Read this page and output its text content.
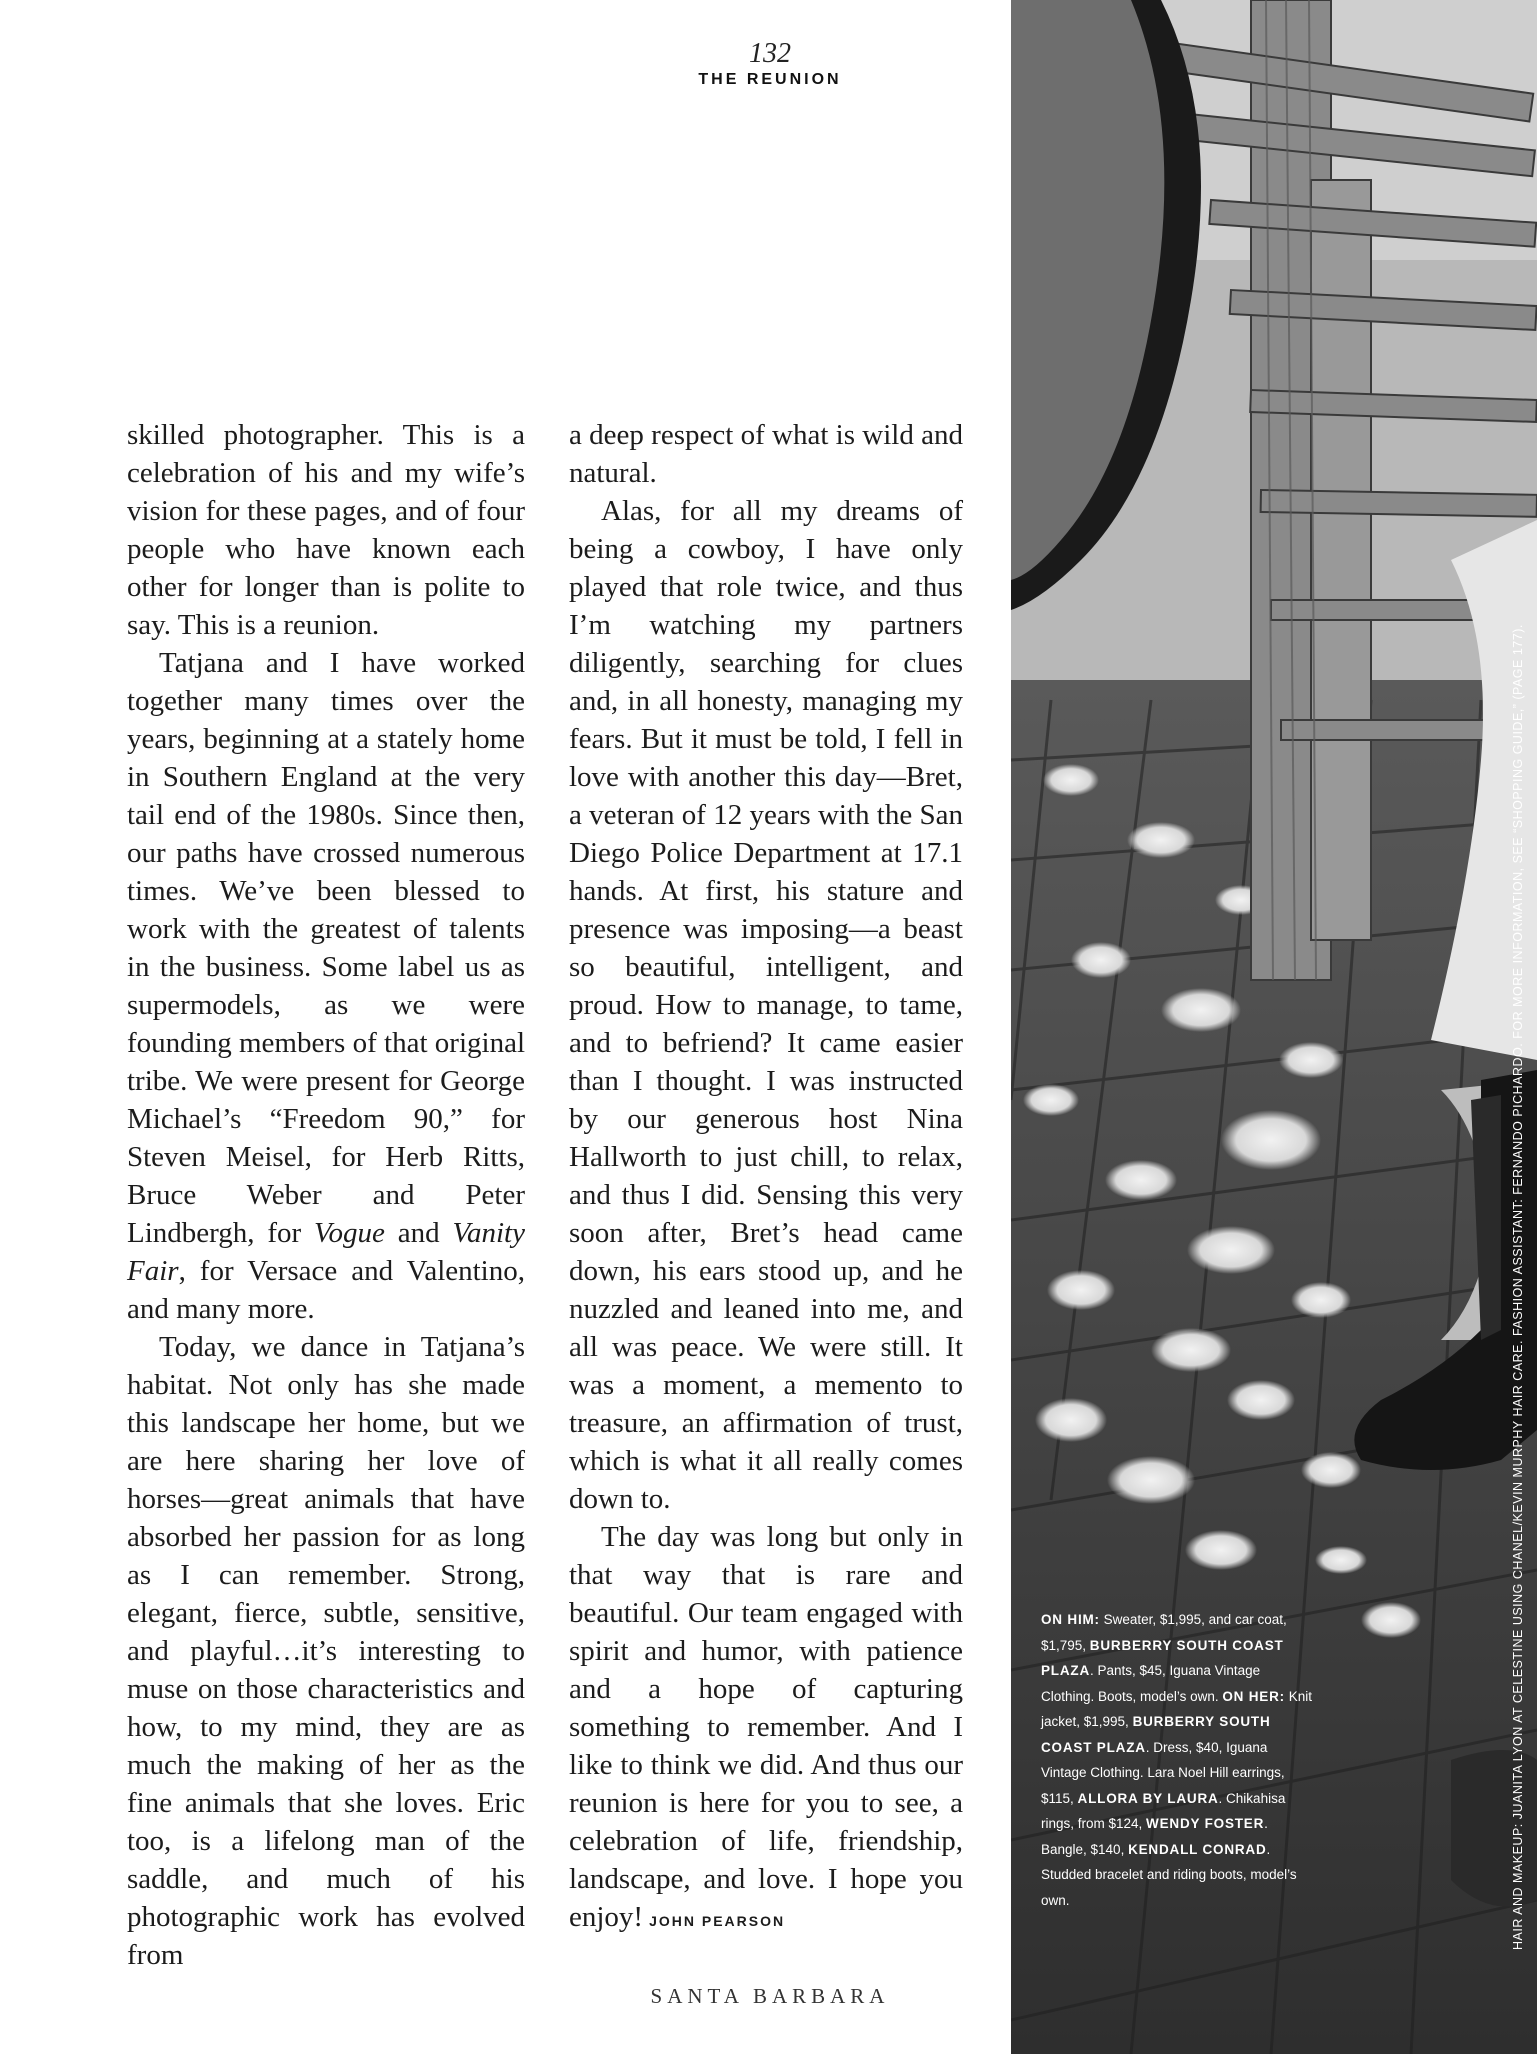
132
THE REUNION

skilled photographer. This is a celebration of his and my wife’s vision for these pages, and of four people who have known each other for longer than is polite to say. This is a reunion.

Tatjana and I have worked together many times over the years, beginning at a stately home in Southern England at the very tail end of the 1980s. Since then, our paths have crossed numerous times. We’ve been blessed to work with the greatest of talents in the business. Some label us as supermodels, as we were founding members of that original tribe. We were present for George Michael’s “Freedom 90,” for Steven Meisel, for Herb Ritts, Bruce Weber and Peter Lindbergh, for Vogue and Vanity Fair, for Versace and Valentino, and many more.

Today, we dance in Tatjana’s habitat. Not only has she made this landscape her home, but we are here sharing her love of horses—great animals that have absorbed her passion for as long as I can remember. Strong, elegant, fierce, subtle, sensitive, and playful…it’s interesting to muse on those characteristics and how, to my mind, they are as much the making of her as the fine animals that she loves. Eric too, is a lifelong man of the saddle, and much of his photographic work has evolved from

a deep respect of what is wild and natural.

Alas, for all my dreams of being a cowboy, I have only played that role twice, and thus I’m watching my partners diligently, searching for clues and, in all honesty, managing my fears. But it must be told, I fell in love with another this day—Bret, a veteran of 12 years with the San Diego Police Department at 17.1 hands. At first, his stature and presence was imposing—a beast so beautiful, intelligent, and proud. How to manage, to tame, and to befriend? It came easier than I thought. I was instructed by our generous host Nina Hallworth to just chill, to relax, and thus I did. Sensing this very soon after, Bret’s head came down, his ears stood up, and he nuzzled and leaned into me, and all was peace. We were still. It was a moment, a memento to treasure, an affirmation of trust, which is what it all really comes down to.

The day was long but only in that way that is rare and beautiful. Our team engaged with spirit and humor, with patience and a hope of capturing something to remember. And I like to think we did. And thus our reunion is here for you to see, a celebration of life, friendship, landscape, and love. I hope you enjoy! JOHN PEARSON

SANTA BARBARA
ON HIM: Sweater, $1,995, and car coat, $1,795, BURBERRY SOUTH COAST PLAZA. Pants, $45, Iguana Vintage Clothing. Boots, model’s own. ON HER: Knit jacket, $1,995, BURBERRY SOUTH COAST PLAZA. Dress, $40, Iguana Vintage Clothing. Lara Noel Hill earrings, $115, ALLORA BY LAURA. Chikahisa rings, from $124, WENDY FOSTER. Bangle, $140, KENDALL CONRAD. Studded bracelet and riding boots, model’s own.	HAIR AND MAKEUP: JUANITA LYON AT CELESTINE USING CHANEL/KEVIN MURPHY HAIR CARE. FASHION ASSISTANT: FERNANDO PICHARDO. FOR MORE INFORMATION, SEE “SHOPPING GUIDE,” (PAGE 177).
